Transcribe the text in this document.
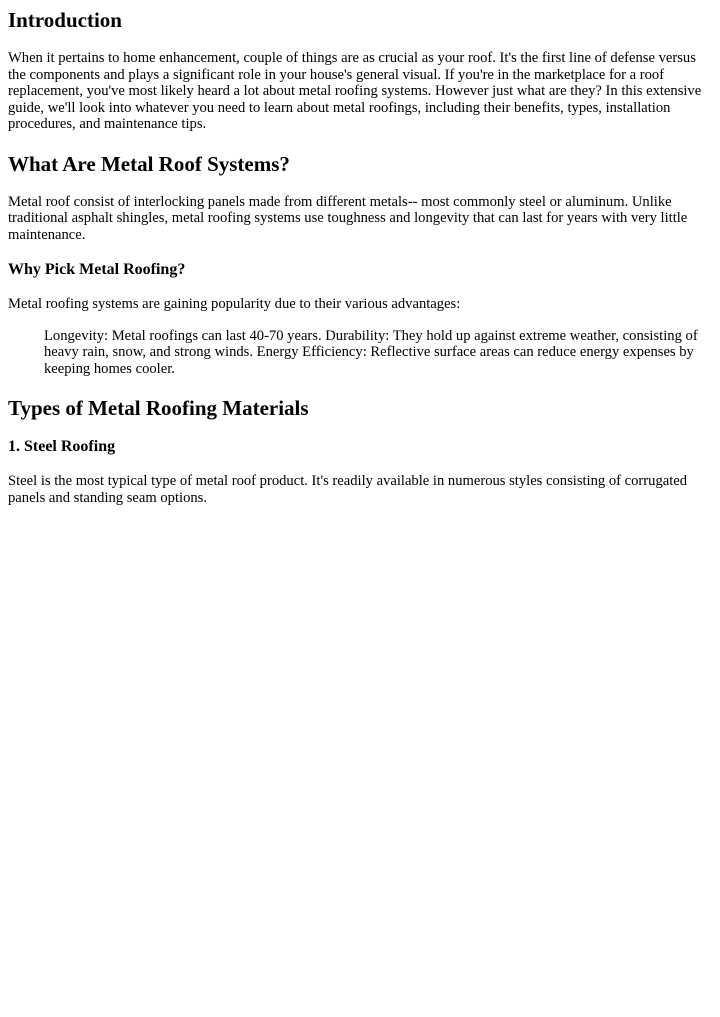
Introduction

When it pertains to home enhancement, couple of things are as crucial as your roof. It's the first line of defense versus the components and plays a significant role in your house's general visual. If you're in the marketplace for a roof replacement, you've most likely heard a lot about metal roofing systems. However just what are they? In this extensive guide, we'll look into whatever you need to learn about metal roofings, including their benefits, types, installation procedures, and maintenance tips.

What Are Metal Roof Systems?

Metal roof consist of interlocking panels made from different metals-- most commonly steel or aluminum. Unlike traditional asphalt shingles, metal roofing systems use toughness and longevity that can last for years with very little maintenance.

Why Pick Metal Roofing?

Metal roofing systems are gaining popularity due to their various advantages:

Longevity: Metal roofings can last 40-70 years. Durability: They hold up against extreme weather, consisting of heavy rain, snow, and strong winds. Energy Efficiency: Reflective surface areas can reduce energy expenses by keeping homes cooler.
Types of Metal Roofing Materials
1. Steel Roofing

Steel is the most typical type of metal roof product. It's readily available in numerous styles consisting of corrugated panels and standing seam options.
